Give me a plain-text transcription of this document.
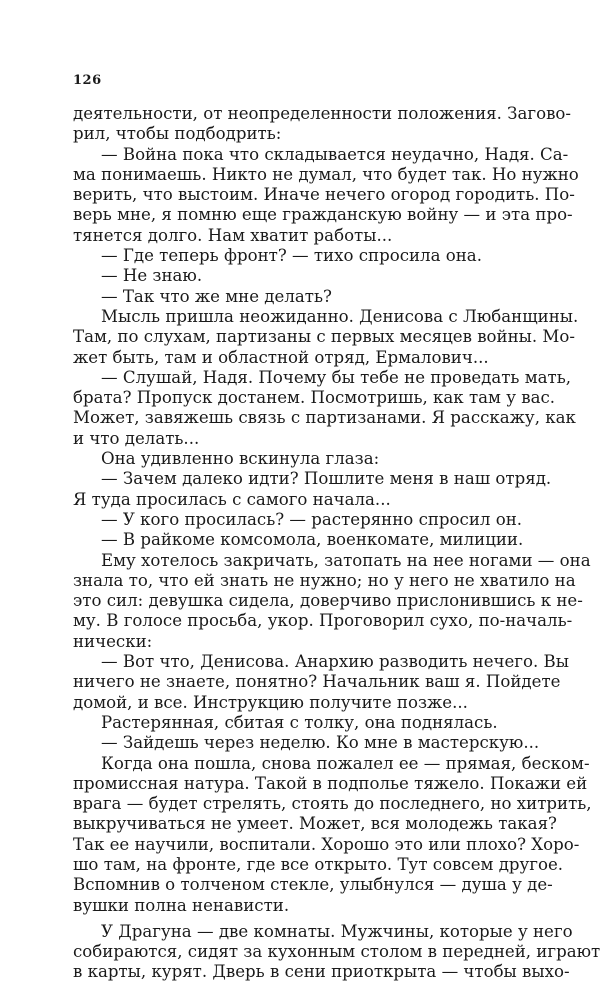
126
деятельности, от неопределенности положения. Загово-
рил, чтобы подбодрить:
— Война пока что складывается неудачно, Надя. Са-
ма понимаешь. Никто не думал, что будет так. Но нужно
верить, что выстоим. Иначе нечего огород городить. По-
верь мне, я помню еще гражданскую войну — и эта про-
тянется долго. Нам хватит работы...
— Где теперь фронт? — тихо спросила она.
— Не знаю.
— Так что же мне делать?
Мысль пришла неожиданно. Денисова с Любанщины.
Там, по слухам, партизаны с первых месяцев войны. Мо-
жет быть, там и областной отряд, Ермалович...
— Слушай, Надя. Почему бы тебе не проведать мать,
брата? Пропуск достанем. Посмотришь, как там у вас.
Может, завяжешь связь с партизанами. Я расскажу, как
и что делать...
Она удивленно вскинула глаза:
— Зачем далеко идти? Пошлите меня в наш отряд.
Я туда просилась с самого начала...
— У кого просилась? — растерянно спросил он.
— В райкоме комсомола, военкомате, милиции.
Ему хотелось закричать, затопать на нее ногами — она
знала то, что ей знать не нужно; но у него не хватило на
это сил: девушка сидела, доверчиво прислонившись к не-
му. В голосе просьба, укор. Проговорил сухо, по-началь-
нически:
— Вот что, Денисова. Анархию разводить нечего. Вы
ничего не знаете, понятно? Начальник ваш я. Пойдете
домой, и все. Инструкцию получите позже...
Растерянная, сбитая с толку, она поднялась.
— Зайдешь через неделю. Ко мне в мастерскую...
Когда она пошла, снова пожалел ее — прямая, беском-
промиссная натура. Такой в подполье тяжело. Покажи ей
врага — будет стрелять, стоять до последнего, но хитрить,
выкручиваться не умеет. Может, вся молодежь такая?
Так ее научили, воспитали. Хорошо это или плохо? Хоро-
шо там, на фронте, где все открыто. Тут совсем другое.
Вспомнив о толченом стекле, улыбнулся — душа у де-
вушки полна ненависти.
У Драгуна — две комнаты. Мужчины, которые у него
собираются, сидят за кухонным столом в передней, играют
в карты, курят. Дверь в сени приоткрыта — чтобы выхо-
